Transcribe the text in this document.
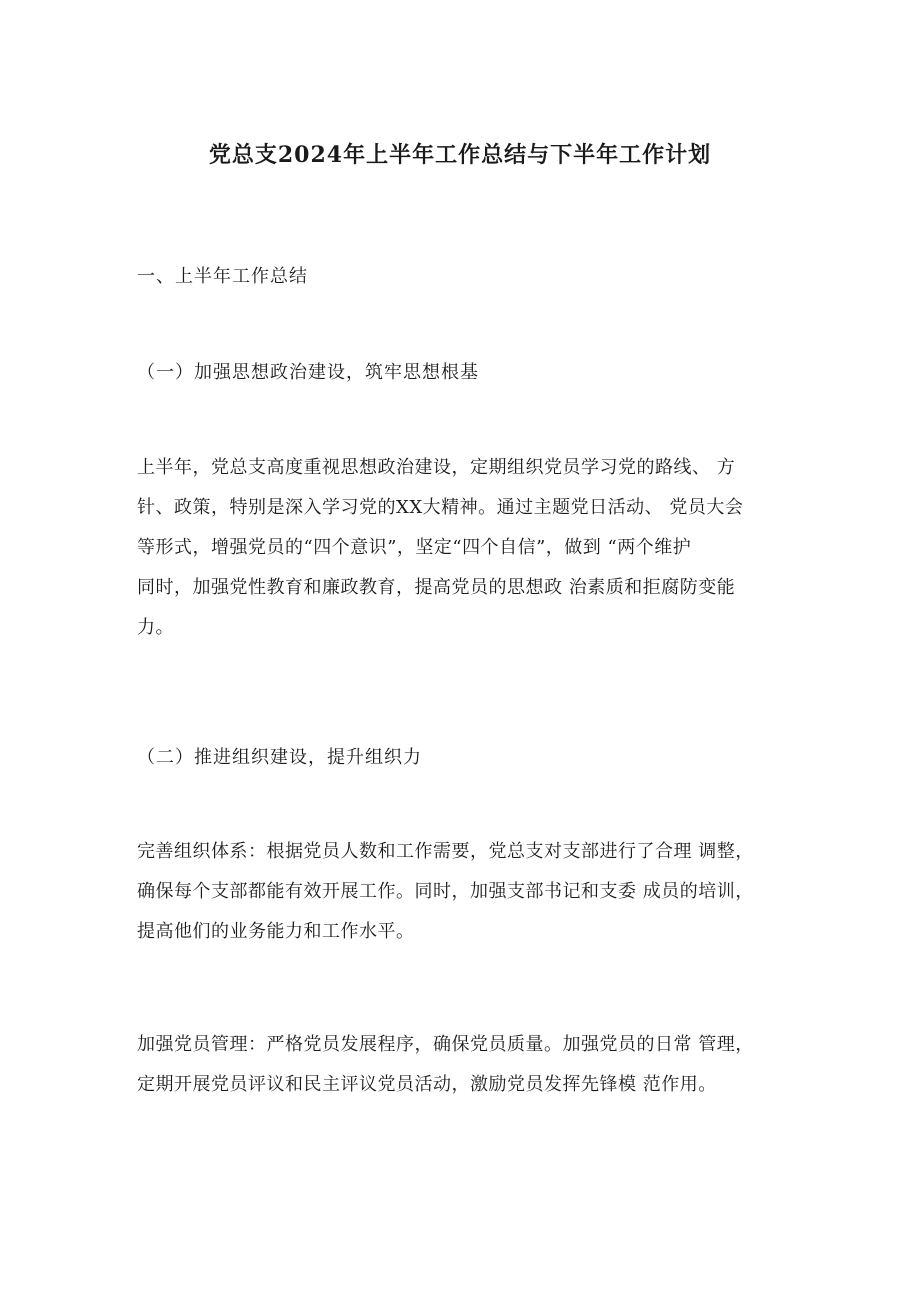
党总支2024年上半年工作总结与下半年工作计划
一、上半年工作总结
（一）加强思想政治建设，筑牢思想根基
上半年，党总支高度重视思想政治建设，定期组织党员学习党的路线、 方
针、政策，特别是深入学习党的XX大精神。通过主题党日活动、 党员大会
等形式，增强党员的“四个意识”，坚定“四个自信”，做到 “两个维护
同时，加强党性教育和廉政教育，提高党员的思想政 治素质和拒腐防变能
力。
（二）推进组织建设，提升组织力
完善组织体系：根据党员人数和工作需要，党总支对支部进行了合理 调整，
确保每个支部都能有效开展工作。同时，加强支部书记和支委 成员的培训，
提高他们的业务能力和工作水平。
加强党员管理：严格党员发展程序，确保党员质量。加强党员的日常 管理，
定期开展党员评议和民主评议党员活动，激励党员发挥先锋模 范作用。
